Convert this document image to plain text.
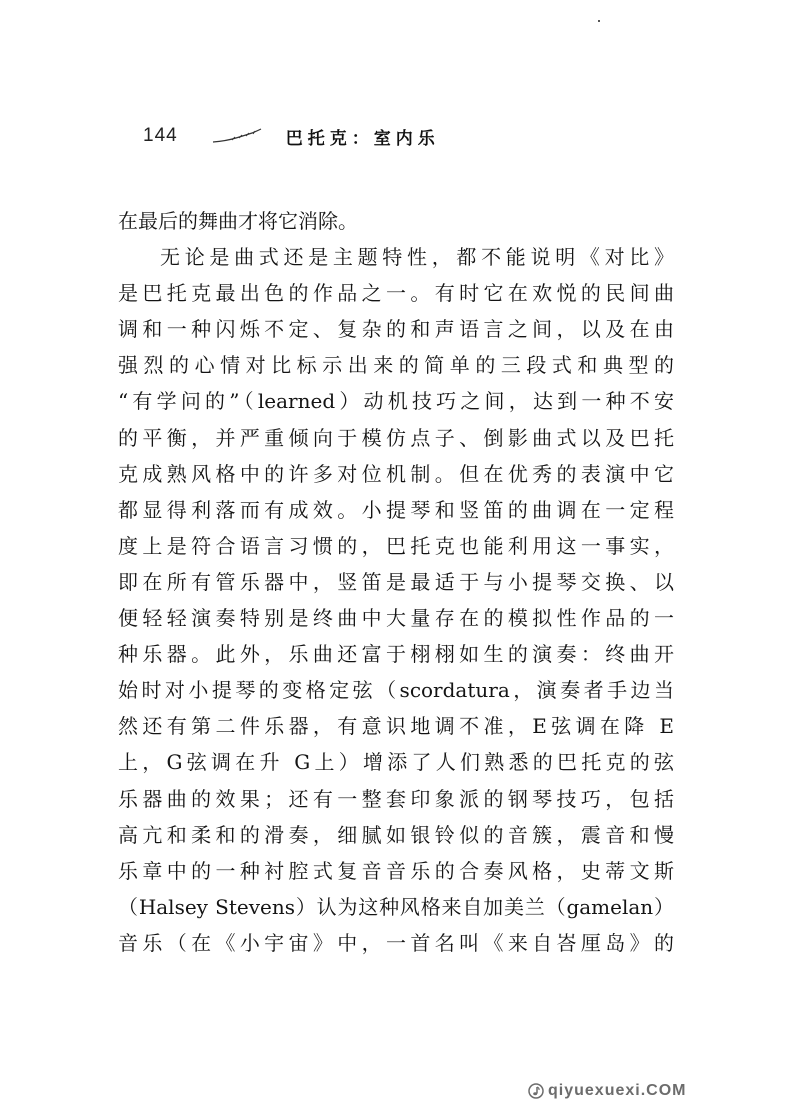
144	巴托克：室内乐
在最后的舞曲才将它消除。
无论是曲式还是主题特性，都不能说明《对比》
是巴托克最出色的作品之一。有时它在欢悦的民间曲
调和一种闪烁不定、复杂的和声语言之间，以及在由
强烈的心情对比标示出来的简单的三段式和典型的
“有学问的”（learned）动机技巧之间，达到一种不安
的平衡，并严重倾向于模仿点子、倒影曲式以及巴托
克成熟风格中的许多对位机制。但在优秀的表演中它
都显得利落而有成效。小提琴和竖笛的曲调在一定程
度上是符合语言习惯的，巴托克也能利用这一事实，
即在所有管乐器中，竖笛是最适于与小提琴交换、以
便轻轻演奏特别是终曲中大量存在的模拟性作品的一
种乐器。此外，乐曲还富于栩栩如生的演奏：终曲开
始时对小提琴的变格定弦（scordatura，演奏者手边当
然还有第二件乐器，有意识地调不准，E弦调在降 E
上，G弦调在升 G上）增添了人们熟悉的巴托克的弦
乐器曲的效果；还有一整套印象派的钢琴技巧，包括
高亢和柔和的滑奏，细腻如银铃似的音簇，震音和慢
乐章中的一种衬腔式复音音乐的合奏风格，史蒂文斯
（Halsey Stevens）认为这种风格来自加美兰（gamelan）
音乐（在《小宇宙》中，一首名叫《来自峇厘岛》的
qiyuexuexi.COM
